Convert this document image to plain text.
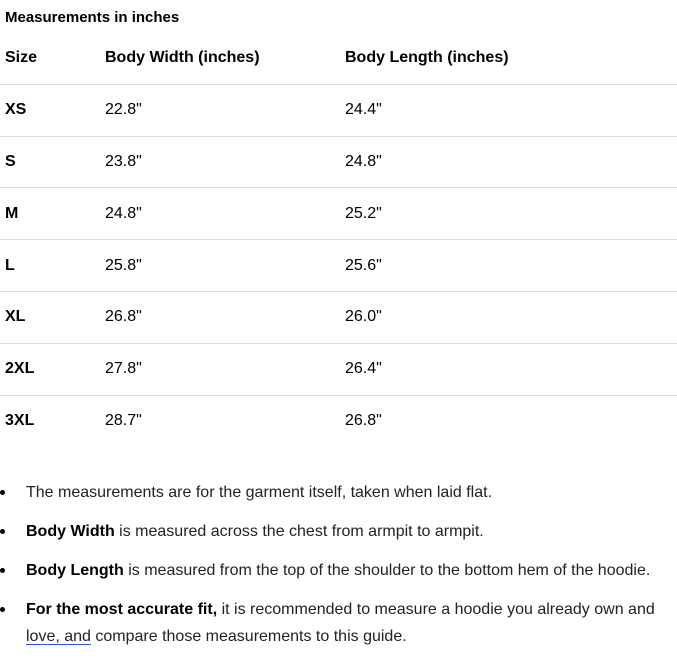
Measurements in inches
Size	Body Width (inches)	Body Length (inches)
XS	22.8"	24.4"
S	23.8"	24.8"
M	24.8"	25.2"
L	25.8"	25.6"
XL	26.8"	26.0"
2XL	27.8"	26.4"
3XL	28.7"	26.8"
The measurements are for the garment itself, taken when laid flat.
Body Width is measured across the chest from armpit to armpit.
Body Length is measured from the top of the shoulder to the bottom hem of the hoodie.
For the most accurate fit, it is recommended to measure a hoodie you already own and love, and compare those measurements to this guide.
